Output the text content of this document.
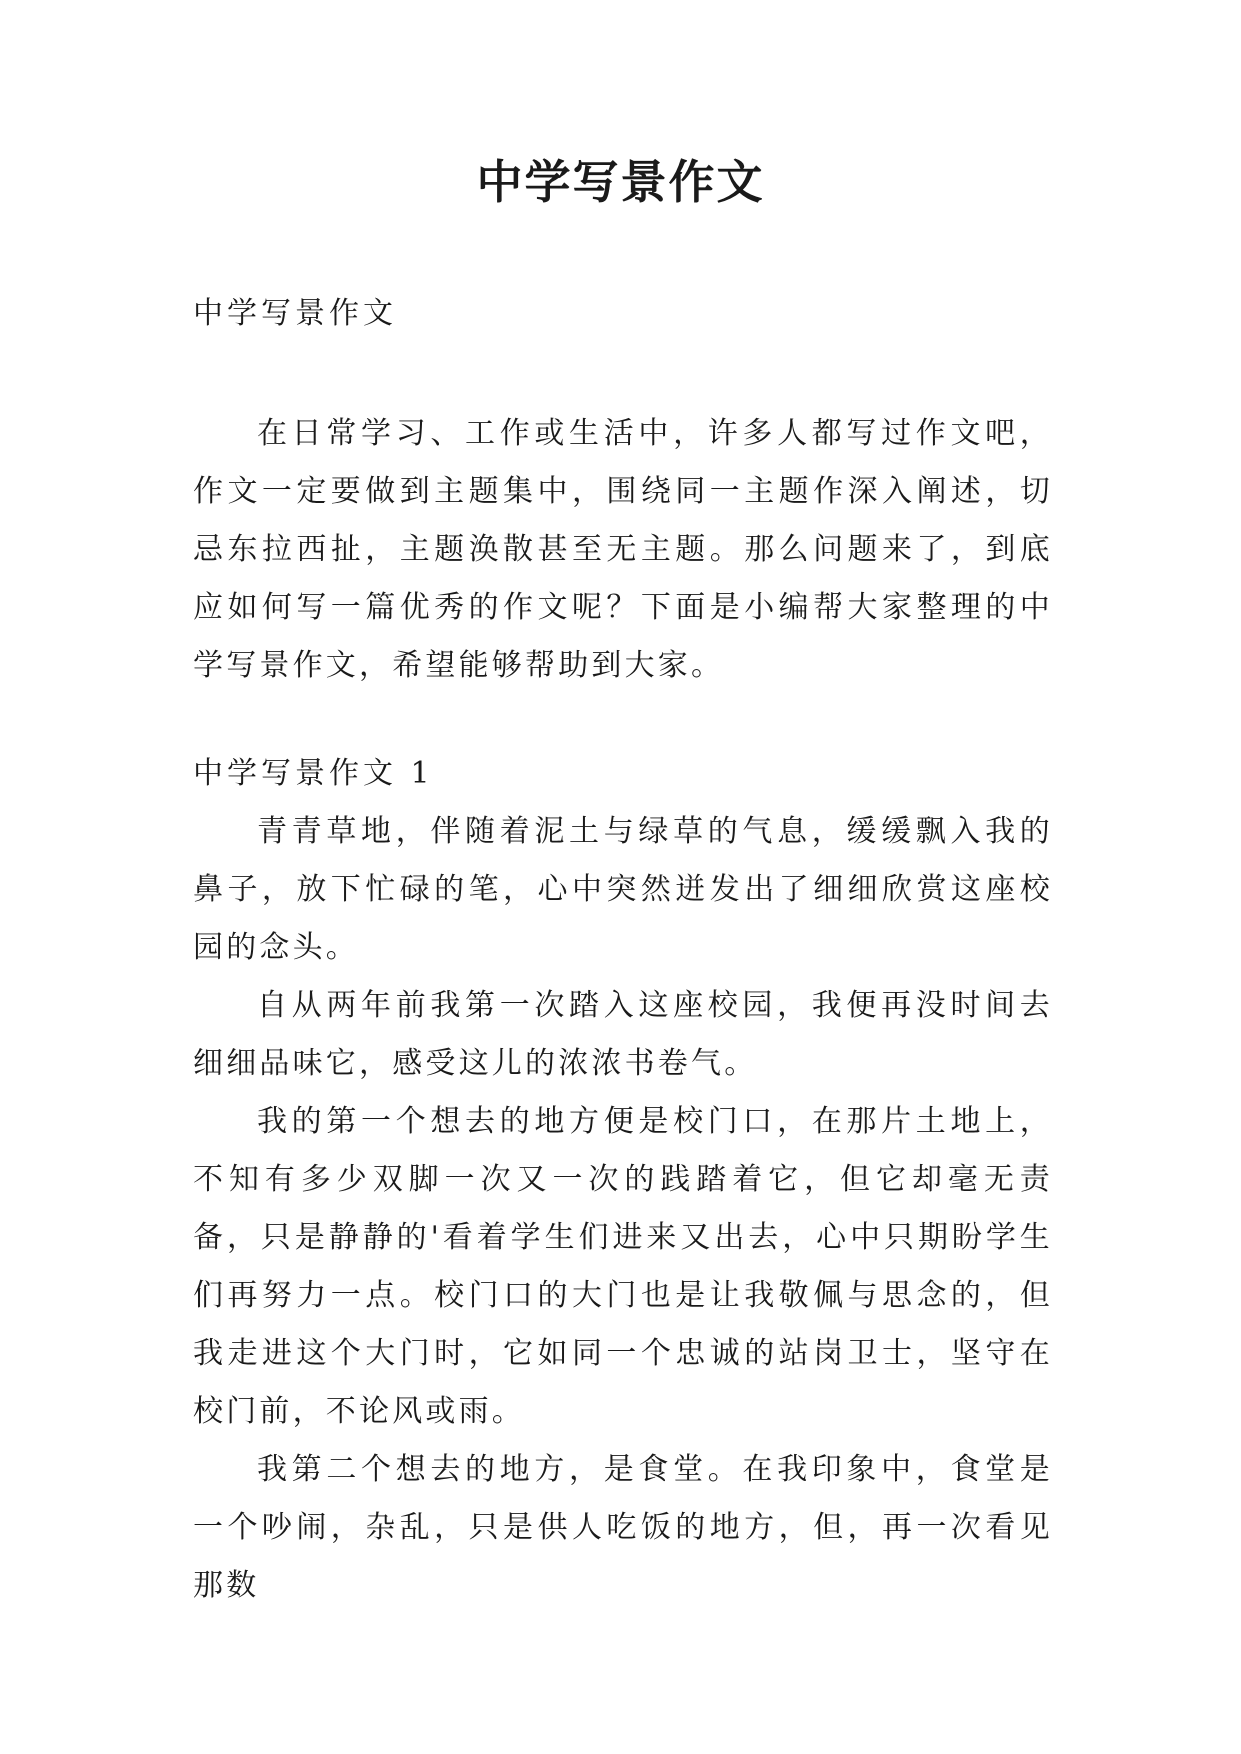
中学写景作文

中学写景作文

在日常学习、工作或生活中，许多人都写过作文吧，作文一定要做到主题集中，围绕同一主题作深入阐述，切忌东拉西扯，主题涣散甚至无主题。那么问题来了，到底应如何写一篇优秀的作文呢？下面是小编帮大家整理的中学写景作文，希望能够帮助到大家。

中学写景作文 1

青青草地，伴随着泥土与绿草的气息，缓缓飘入我的鼻子，放下忙碌的笔，心中突然迸发出了细细欣赏这座校园的念头。

自从两年前我第一次踏入这座校园，我便再没时间去细细品味它，感受这儿的浓浓书卷气。

我的第一个想去的地方便是校门口，在那片土地上，不知有多少双脚一次又一次的践踏着它，但它却毫无责备，只是静静的'看着学生们进来又出去，心中只期盼学生们再努力一点。校门口的大门也是让我敬佩与思念的，但我走进这个大门时，它如同一个忠诚的站岗卫士，坚守在校门前，不论风或雨。

我第二个想去的地方，是食堂。在我印象中，食堂是一个吵闹，杂乱，只是供人吃饭的地方，但，再一次看见那数
